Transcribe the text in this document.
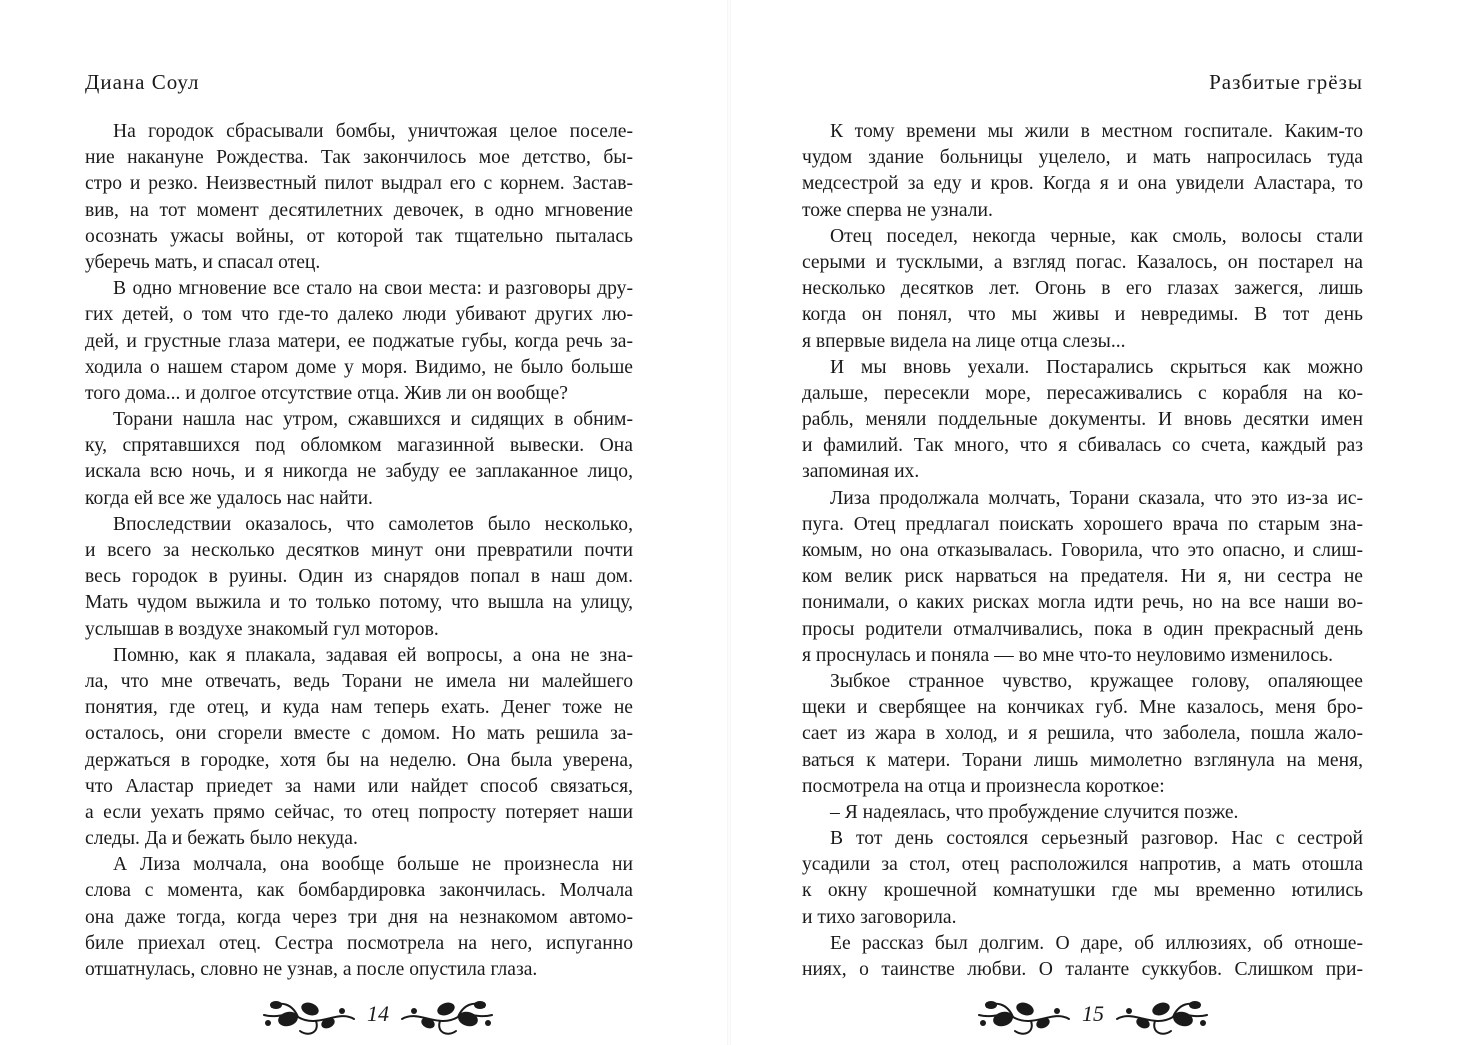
Диана Соул
На городок сбрасывали бомбы, уничтожая целое поселе-
ние накануне Рождества. Так закончилось мое детство, бы-
стро и резко. Неизвестный пилот выдрал его с корнем. Застав-
вив, на тот момент десятилетних девочек, в одно мгновение
осознать ужасы войны, от которой так тщательно пыталась
уберечь мать, и спасал отец.
В одно мгновение все стало на свои места: и разговоры дру-
гих детей, о том что где-то далеко люди убивают других лю-
дей, и грустные глаза матери, ее поджатые губы, когда речь за-
ходила о нашем старом доме у моря. Видимо, не было больше
того дома... и долгое отсутствие отца. Жив ли он вообще?
Торани нашла нас утром, сжавшихся и сидящих в обним-
ку, спрятавшихся под обломком магазинной вывески. Она
искала всю ночь, и я никогда не забуду ее заплаканное лицо,
когда ей все же удалось нас найти.
Впоследствии оказалось, что самолетов было несколько,
и всего за несколько десятков минут они превратили почти
весь городок в руины. Один из снарядов попал в наш дом.
Мать чудом выжила и то только потому, что вышла на улицу,
услышав в воздухе знакомый гул моторов.
Помню, как я плакала, задавая ей вопросы, а она не зна-
ла, что мне отвечать, ведь Торани не имела ни малейшего
понятия, где отец, и куда нам теперь ехать. Денег тоже не
осталось, они сгорели вместе с домом. Но мать решила за-
держаться в городке, хотя бы на неделю. Она была уверена,
что Аластар приедет за нами или найдет способ связаться,
а если уехать прямо сейчас, то отец попросту потеряет наши
следы. Да и бежать было некуда.
А Лиза молчала, она вообще больше не произнесла ни
слова с момента, как бомбардировка закончилась. Молчала
она даже тогда, когда через три дня на незнакомом автомо-
биле приехал отец. Сестра посмотрела на него, испуганно
отшатнулась, словно не узнав, а после опустила глаза.
14
Разбитые грёзы
К тому времени мы жили в местном госпитале. Каким-то
чудом здание больницы уцелело, и мать напросилась туда
медсестрой за еду и кров. Когда я и она увидели Аластара, то
тоже сперва не узнали.
Отец поседел, некогда черные, как смоль, волосы стали
серыми и тусклыми, а взгляд погас. Казалось, он постарел на
несколько десятков лет. Огонь в его глазах зажегся, лишь
когда он понял, что мы живы и невредимы. В тот день
я впервые видела на лице отца слезы...
И мы вновь уехали. Постарались скрыться как можно
дальше, пересекли море, пересаживались с корабля на ко-
рабль, меняли поддельные документы. И вновь десятки имен
и фамилий. Так много, что я сбивалась со счета, каждый раз
запоминая их.
Лиза продолжала молчать, Торани сказала, что это из-за ис-
пуга. Отец предлагал поискать хорошего врача по старым зна-
комым, но она отказывалась. Говорила, что это опасно, и слиш-
ком велик риск нарваться на предателя. Ни я, ни сестра не
понимали, о каких рисках могла идти речь, но на все наши во-
просы родители отмалчивались, пока в один прекрасный день
я проснулась и поняла — во мне что-то неуловимо изменилось.
Зыбкое странное чувство, кружащее голову, опаляющее
щеки и свербящее на кончиках губ. Мне казалось, меня бро-
сает из жара в холод, и я решила, что заболела, пошла жало-
ваться к матери. Торани лишь мимолетно взглянула на меня,
посмотрела на отца и произнесла короткое:
– Я надеялась, что пробуждение случится позже.
В тот день состоялся серьезный разговор. Нас с сестрой
усадили за стол, отец расположился напротив, а мать отошла
к окну крошечной комнатушки где мы временно ютились
и тихо заговорила.
Ее рассказ был долгим. О даре, об иллюзиях, об отноше-
ниях, о таинстве любви. О таланте суккубов. Слишком при-
15
